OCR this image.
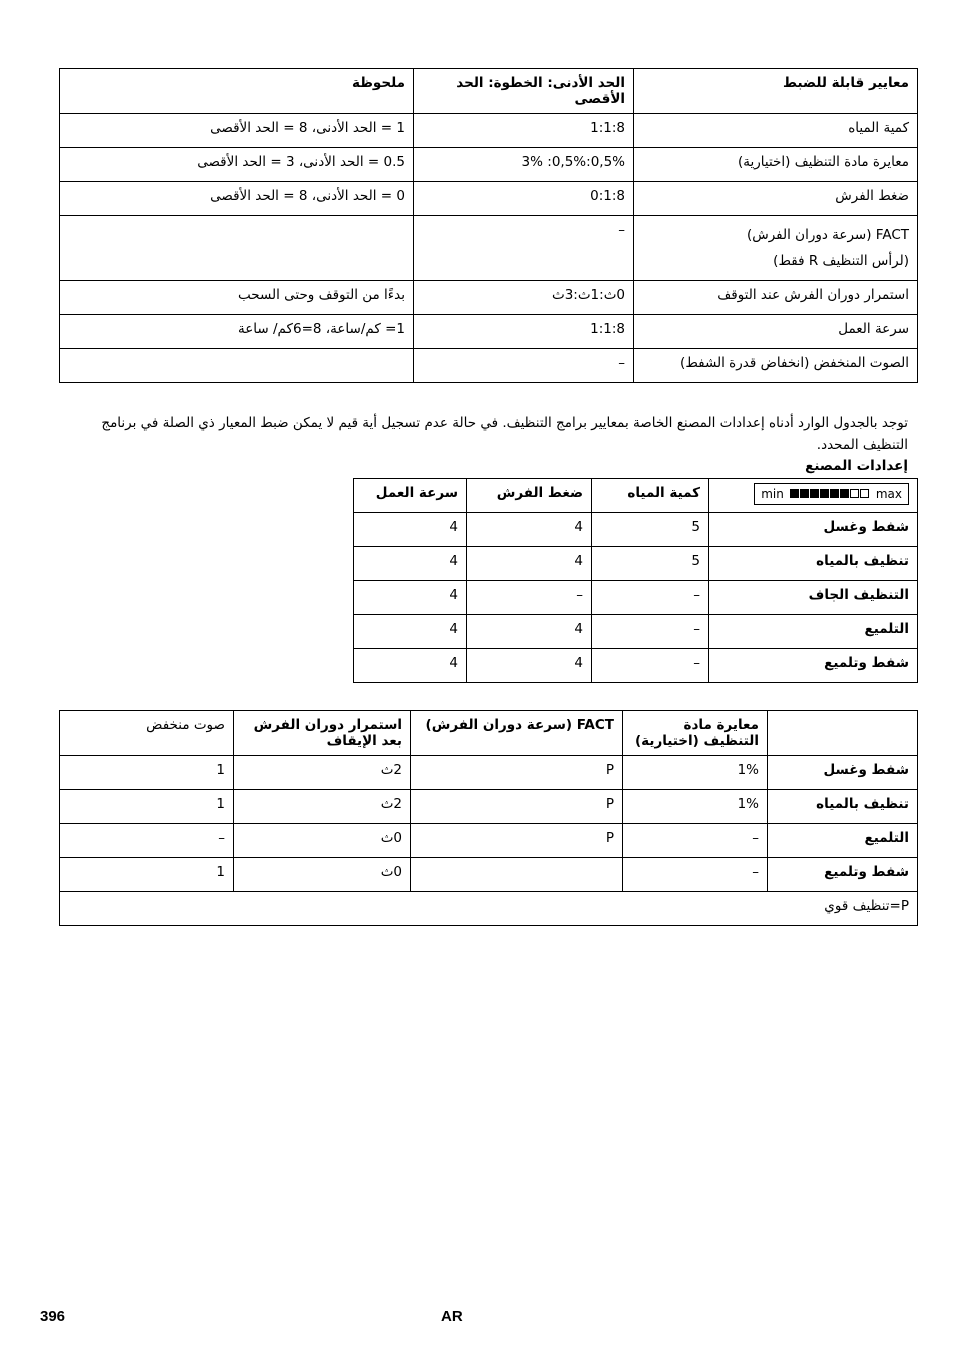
معايير قابلة للضبط	الحد الأدنى: الخطوة: الحد الأقصى	ملحوظة
كمية المياه	1:1:8	1 = الحد الأدنى، 8 = الحد الأقصى
معايرة مادة التنظيف (اختيارية)	0,5%:0,5%: 3%	0.5 = الحد الأدنى، 3 = الحد الأقصى
ضغط الفرش	0:1:8	0 = الحد الأدنى، 8 = الحد الأقصى
FACT (سرعة دوران الفرش)
(لرأس التنظيف R فقط)	–	
استمرار دوران الفرش عند التوقف	0ث:1ث:3ث	بدءًا من التوقف وحتى السحب
سرعة العمل	1:1:8	1= كم/ساعة، 8=6كم/ ساعة
الصوت المنخفض (انخفاض قدرة الشفط)	–	
توجد بالجدول الوارد أدناه إعدادات المصنع الخاصة بمعايير برامج التنظيف. في حالة عدم تسجيل أية قيم لا يمكن ضبط المعيار ذي الصلة في برنامج التنظيف المحدد.
إعدادات المصنع
min max	كمية المياه	ضغط الفرش	سرعة العمل
شفط وغسل	5	4	4
تنظيف بالمياه	5	4	4
التنظيف الجاف	–	–	4
التلميع	–	4	4
شفط وتلميع	–	4	4
	معايرة مادة التنظيف (اختيارية)	FACT (سرعة دوران الفرش)	استمرار دوران الفرش بعد الإيقاف	صوت منخفض
شفط وغسل	1%	P	2ث	1
تنظيف بالمياه	1%	P	2ث	1
التلميع	–	P	0ث	–
شفط وتلميع	–		0ث	1
P=تنظيف قوي				
396	AR
